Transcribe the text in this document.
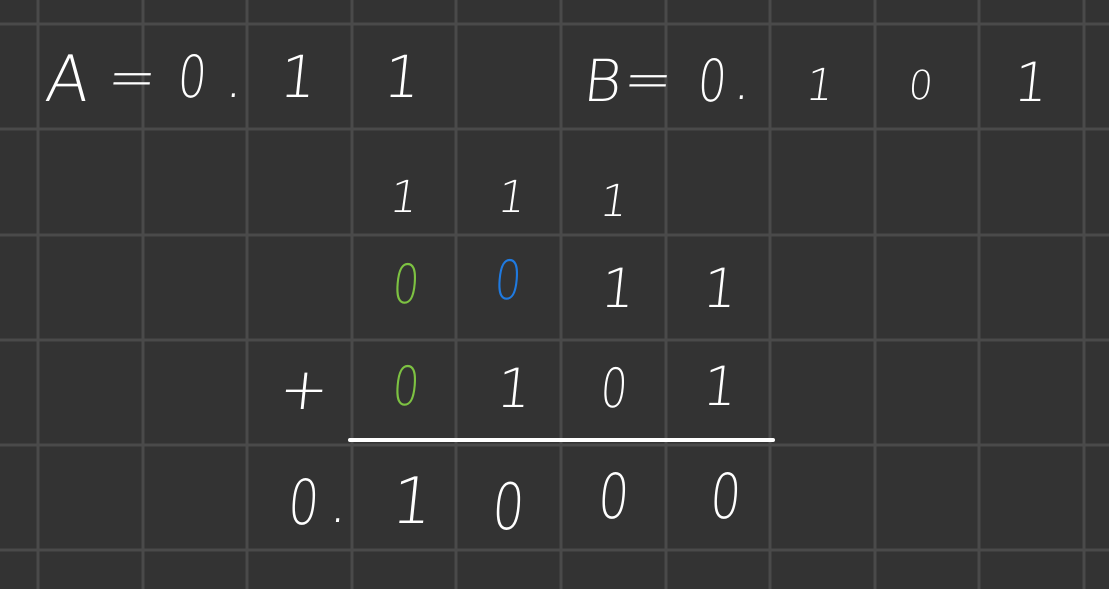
A = 0 . 1 1	B
= 0 . 1 0 1
1 1 1
0 0 1 1
+ 0 1 0 1
0 . 1 0 0 0
